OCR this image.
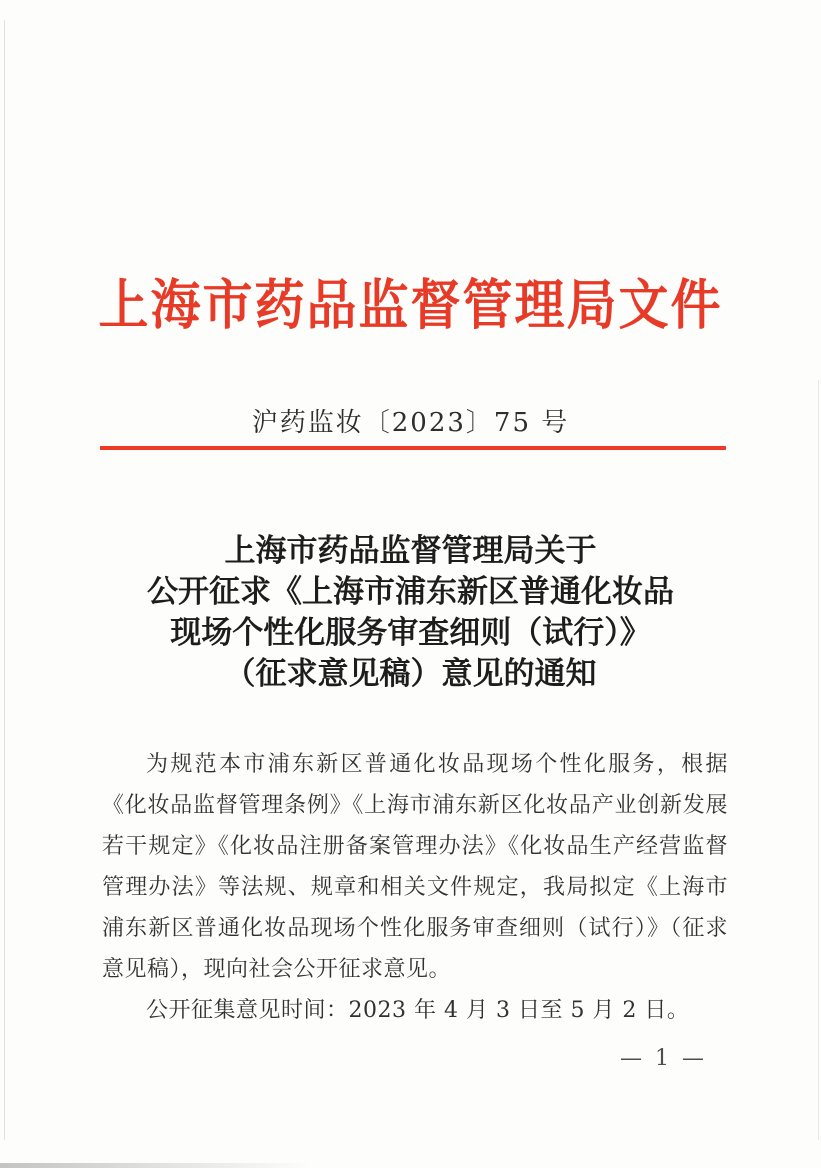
上海市药品监督管理局文件
沪药监妆〔2023〕75 号
上海市药品监督管理局关于
公开征求《上海市浦东新区普通化妆品
现场个性化服务审查细则（试行）》
（征求意见稿）意见的通知

为规范本市浦东新区普通化妆品现场个性化服务，根据《化妆品监督管理条例》《上海市浦东新区化妆品产业创新发展若干规定》《化妆品注册备案管理办法》《化妆品生产经营监督管理办法》等法规、规章和相关文件规定，我局拟定《上海市浦东新区普通化妆品现场个性化服务审查细则（试行）》（征求意见稿），现向社会公开征求意见。

公开征集意见时间：2023 年 4 月 3 日至 5 月 2 日。

— 1 —
